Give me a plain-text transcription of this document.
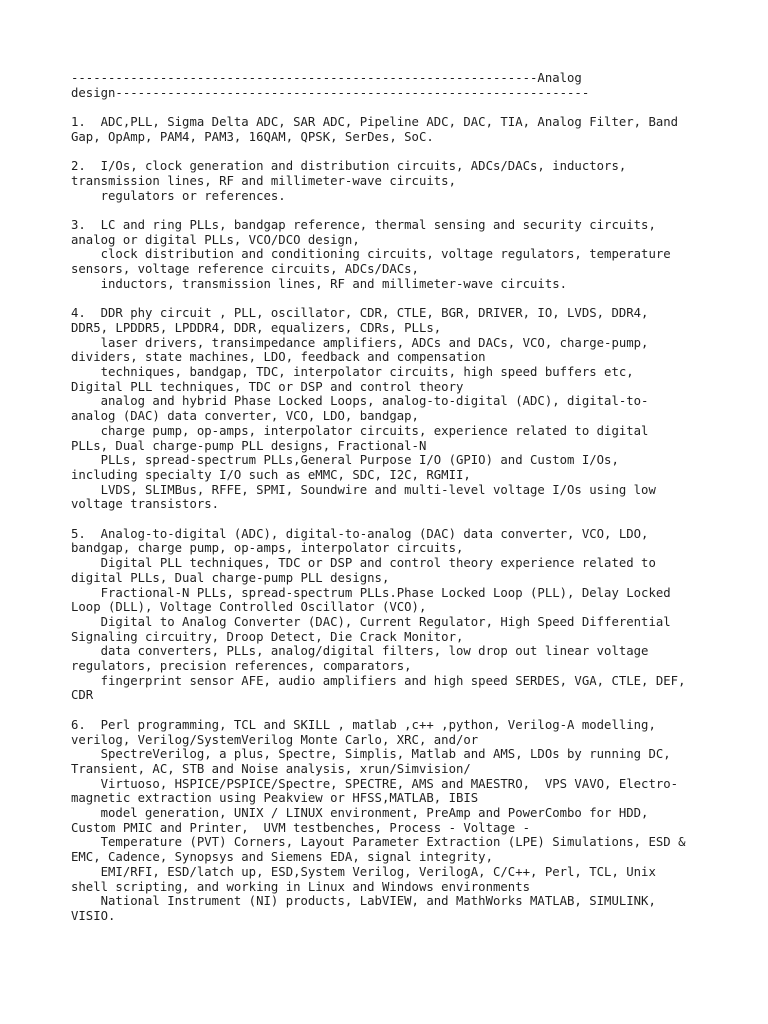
---------------------------------------------------------------Analog
design----------------------------------------------------------------
1.  ADC,PLL, Sigma Delta ADC, SAR ADC, Pipeline ADC, DAC, TIA, Analog Filter, Band
Gap, OpAmp, PAM4, PAM3, 16QAM, QPSK, SerDes, SoC.
2.  I/Os, clock generation and distribution circuits, ADCs/DACs, inductors,
transmission lines, RF and millimeter-wave circuits,
regulators or references.
3.  LC and ring PLLs, bandgap reference, thermal sensing and security circuits,
analog or digital PLLs, VCO/DCO design,
clock distribution and conditioning circuits, voltage regulators, temperature
sensors, voltage reference circuits, ADCs/DACs,
inductors, transmission lines, RF and millimeter-wave circuits.
4.  DDR phy circuit , PLL, oscillator, CDR, CTLE, BGR, DRIVER, IO, LVDS, DDR4,
DDR5, LPDDR5, LPDDR4, DDR, equalizers, CDRs, PLLs,
laser drivers, transimpedance amplifiers, ADCs and DACs, VCO, charge-pump,
dividers, state machines, LDO, feedback and compensation
techniques, bandgap, TDC, interpolator circuits, high speed buffers etc,
Digital PLL techniques, TDC or DSP and control theory
analog and hybrid Phase Locked Loops, analog-to-digital (ADC), digital-to-
analog (DAC) data converter, VCO, LDO, bandgap,
charge pump, op-amps, interpolator circuits, experience related to digital
PLLs, Dual charge-pump PLL designs, Fractional-N
PLLs, spread-spectrum PLLs,General Purpose I/O (GPIO) and Custom I/Os,
including specialty I/O such as eMMC, SDC, I2C, RGMII,
LVDS, SLIMBus, RFFE, SPMI, Soundwire and multi-level voltage I/Os using low
voltage transistors.
5.  Analog-to-digital (ADC), digital-to-analog (DAC) data converter, VCO, LDO,
bandgap, charge pump, op-amps, interpolator circuits,
Digital PLL techniques, TDC or DSP and control theory experience related to
digital PLLs, Dual charge-pump PLL designs,
Fractional-N PLLs, spread-spectrum PLLs.Phase Locked Loop (PLL), Delay Locked
Loop (DLL), Voltage Controlled Oscillator (VCO),
Digital to Analog Converter (DAC), Current Regulator, High Speed Differential
Signaling circuitry, Droop Detect, Die Crack Monitor,
data converters, PLLs, analog/digital filters, low drop out linear voltage
regulators, precision references, comparators,
fingerprint sensor AFE, audio amplifiers and high speed SERDES, VGA, CTLE, DEF,
CDR
6.  Perl programming, TCL and SKILL , matlab ,c++ ,python, Verilog-A modelling,
verilog, Verilog/SystemVerilog Monte Carlo, XRC, and/or
SpectreVerilog, a plus, Spectre, Simplis, Matlab and AMS, LDOs by running DC,
Transient, AC, STB and Noise analysis, xrun/Simvision/
Virtuoso, HSPICE/PSPICE/Spectre, SPECTRE, AMS and MAESTRO,  VPS VAVO, Electro-
magnetic extraction using Peakview or HFSS,MATLAB, IBIS
model generation, UNIX / LINUX environment, PreAmp and PowerCombo for HDD,
Custom PMIC and Printer,  UVM testbenches, Process - Voltage -
Temperature (PVT) Corners, Layout Parameter Extraction (LPE) Simulations, ESD &
EMC, Cadence, Synopsys and Siemens EDA, signal integrity,
EMI/RFI, ESD/latch up, ESD,System Verilog, VerilogA, C/C++, Perl, TCL, Unix
shell scripting, and working in Linux and Windows environments
National Instrument (NI) products, LabVIEW, and MathWorks MATLAB, SIMULINK,
VISIO.
